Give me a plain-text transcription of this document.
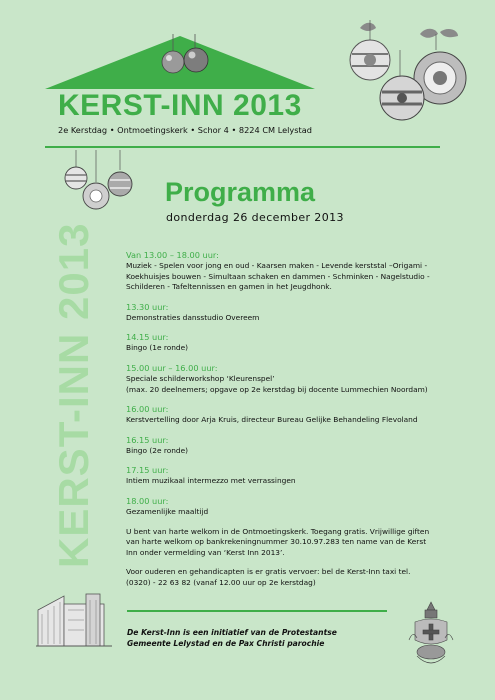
KERST-INN 2013
2e Kerstdag • Ontmoetingskerk • Schor 4 • 8224 CM Lelystad
Programma
donderdag 26 december 2013
KERST-INN 2013	Van 13.00 – 18.00 uur:
Muziek - Spelen voor jong en oud - Kaarsen maken - Levende kerststal –Origami - Koekhuisjes bouwen - Simultaan schaken en dammen - Schminken - Nagelstudio - Schilderen - Tafeltennissen en gamen in het Jeugdhonk.
13.30 uur:
Demonstraties dansstudio Overeem
14.15 uur:
Bingo (1e ronde)
15.00 uur – 16.00 uur:
Speciale schilderworkshop ‘Kleurenspel’
(max. 20 deelnemers; opgave op 2e kerstdag bij docente Lummechien Noordam)
16.00 uur:
Kerstvertelling door Arja Kruis, directeur Bureau Gelijke Behandeling Flevoland
16.15 uur:
Bingo (2e ronde)
17.15 uur:
Intiem muzikaal intermezzo met verrassingen
18.00 uur:
Gezamenlijke maaltijd
U bent van harte welkom in de Ontmoetingskerk. Toegang gratis. Vrijwillige giften van harte welkom op bankrekeningnummer 30.10.97.283 ten name van de Kerst Inn onder vermelding van ‘Kerst Inn 2013’.
Voor ouderen en gehandicapten is er gratis vervoer: bel de Kerst-Inn taxi tel. (0320) - 22 63 82 (vanaf 12.00 uur op 2e kerstdag)
De Kerst-Inn is een initiatief van de Protestantse
Gemeente Lelystad en de Pax Christi parochie
